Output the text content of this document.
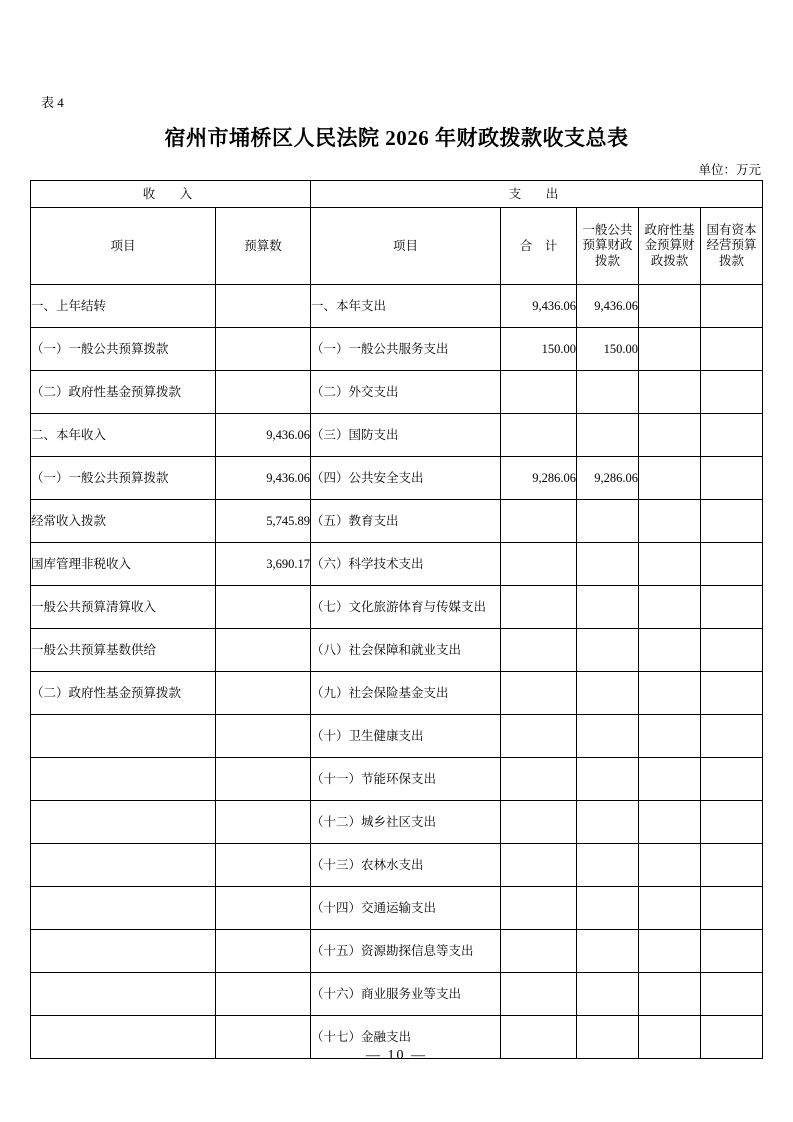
表 4
宿州市埇桥区人民法院 2026 年财政拨款收支总表
单位：万元
收　入		支　出				
项目	预算数	项目	合　计	一般公共预算财政拨款	政府性基金预算财政拨款	国有资本经营预算拨款
一、上年结转		一、本年支出	9,436.06	9,436.06		
（一）一般公共预算拨款		（一）一般公共服务支出	150.00	150.00		
（二）政府性基金预算拨款		（二）外交支出				
二、本年收入	9,436.06	（三）国防支出				
（一）一般公共预算拨款	9,436.06	（四）公共安全支出	9,286.06	9,286.06		
经常收入拨款	5,745.89	（五）教育支出				
国库管理非税收入	3,690.17	（六）科学技术支出				
一般公共预算清算收入		（七）文化旅游体育与传媒支出				
一般公共预算基数供给		（八）社会保障和就业支出				
（二）政府性基金预算拨款		（九）社会保险基金支出				
		（十）卫生健康支出				
		（十一）节能环保支出				
		（十二）城乡社区支出				
		（十三）农林水支出				
		（十四）交通运输支出				
		（十五）资源勘探信息等支出				
		（十六）商业服务业等支出				
		（十七）金融支出				
— 10 —
